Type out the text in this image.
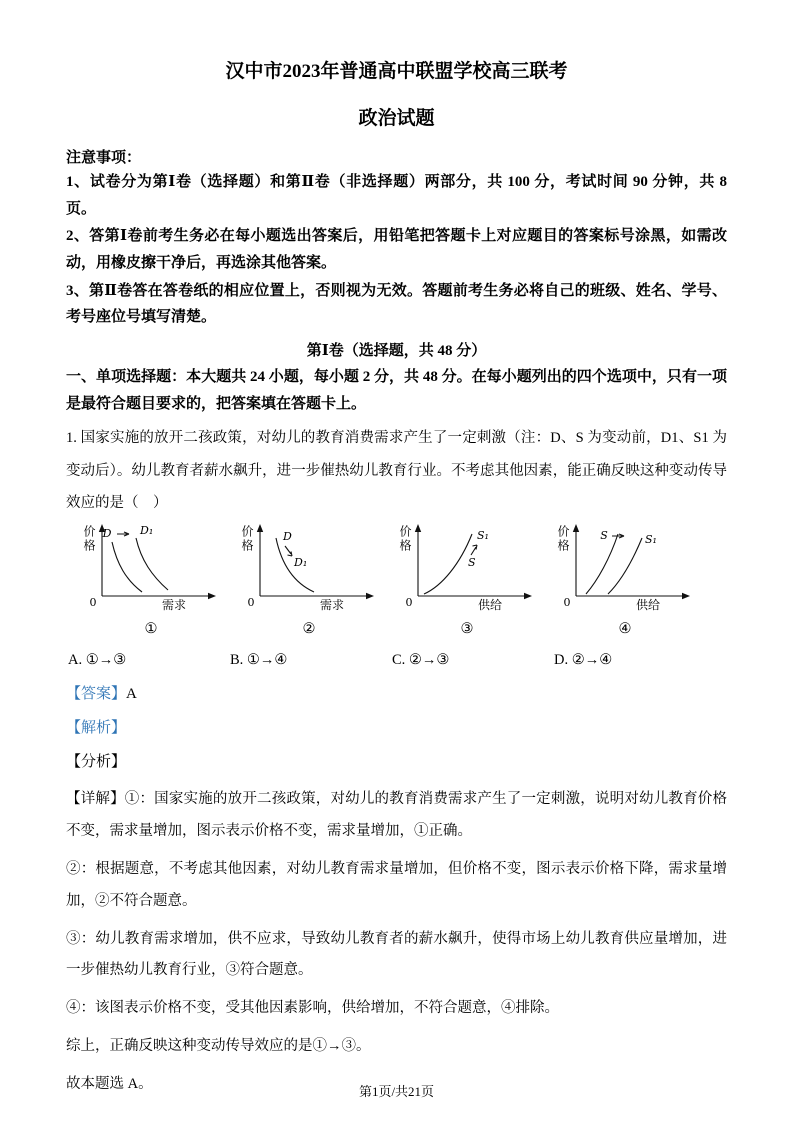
汉中市2023年普通高中联盟学校高三联考
政治试题

注意事项：

1、试卷分为第Ⅰ卷（选择题）和第Ⅱ卷（非选择题）两部分，共 100 分，考试时间 90 分钟，共 8 页。

2、答第Ⅰ卷前考生务必在每小题选出答案后，用铅笔把答题卡上对应题目的答案标号涂黑，如需改动，用橡皮擦干净后，再选涂其他答案。

3、第Ⅱ卷答在答卷纸的相应位置上，否则视为无效。答题前考生务必将自己的班级、姓名、学号、考号座位号填写清楚。

第Ⅰ卷（选择题，共 48 分）

一、单项选择题：本大题共 24 小题，每小题 2 分，共 48 分。在每小题列出的四个选项中，只有一项是最符合题目要求的，把答案填在答题卡上。

1. 国家实施的放开二孩政策，对幼儿的教育消费需求产生了一定刺激（注：D、S 为变动前，D1、S1 为变动后）。幼儿教育者薪水飙升，进一步催热幼儿教育行业。不考虑其他因素，能正确反映这种变动传导效应的是（　）

价格 D	D₁
0	需求
①
价格	D
D₁
0	需求
②
价格	S₁
S
0	供给
③
价格	S	S₁
0	供给
④
A. ①→③	B. ①→④	C. ②→③	D. ②→④

【答案】A

【解析】

【分析】

【详解】①：国家实施的放开二孩政策，对幼儿的教育消费需求产生了一定刺激，说明对幼儿教育价格不变，需求量增加，图示表示价格不变，需求量增加，①正确。

②：根据题意，不考虑其他因素，对幼儿教育需求量增加，但价格不变，图示表示价格下降，需求量增加，②不符合题意。

③：幼儿教育需求增加，供不应求，导致幼儿教育者的薪水飙升，使得市场上幼儿教育供应量增加，进一步催热幼儿教育行业，③符合题意。

④：该图表示价格不变，受其他因素影响，供给增加，不符合题意，④排除。

综上，正确反映这种变动传导效应的是①→③。

故本题选 A。	第1页/共21页
